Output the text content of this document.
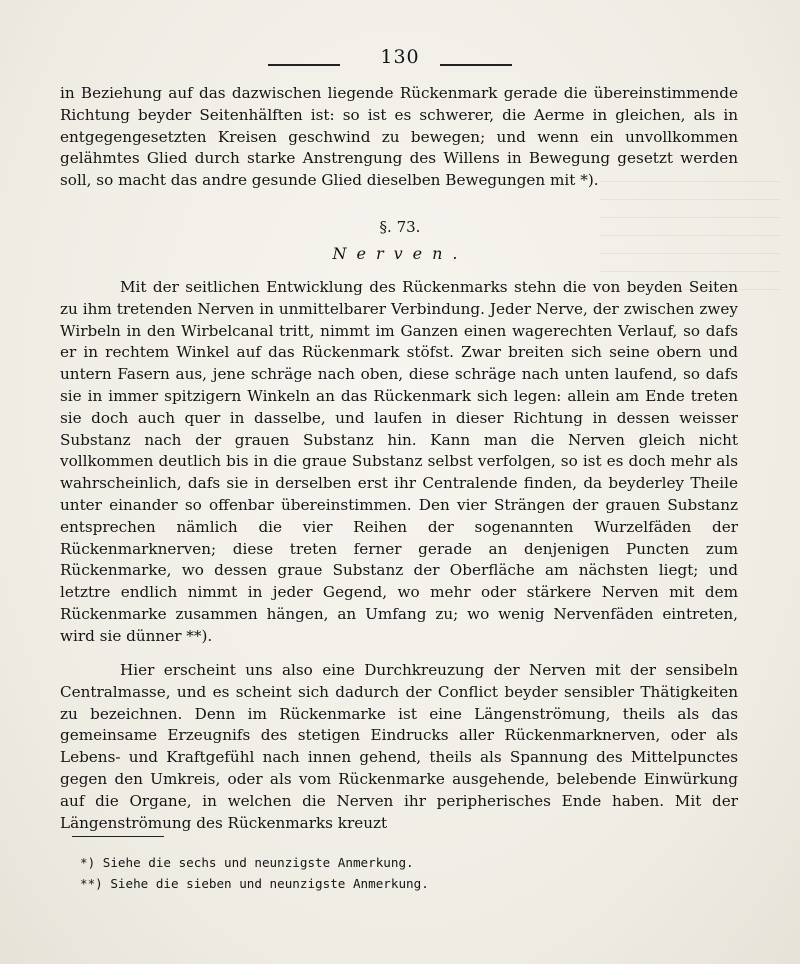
130

in Beziehung auf das dazwischen liegende Rückenmark gerade die übereinstimmende Richtung beyder Seitenhälften ist: so ist es schwerer, die Aerme in gleichen, als in entgegengesetzten Kreisen geschwind zu bewegen; und wenn ein unvollkommen gelähmtes Glied durch starke Anstrengung des Willens in Bewegung gesetzt werden soll, so macht das andre gesunde Glied dieselben Bewegungen mit *).

§. 73.
Nerven.

Mit der seitlichen Entwicklung des Rückenmarks stehn die von beyden Seiten zu ihm tretenden Nerven in unmittelbarer Verbindung. Jeder Nerve, der zwischen zwey Wirbeln in den Wirbelcanal tritt, nimmt im Ganzen einen wagerechten Verlauf, so dafs er in rechtem Winkel auf das Rückenmark stöfst. Zwar breiten sich seine obern und untern Fasern aus, jene schräge nach oben, diese schräge nach unten laufend, so dafs sie in immer spitzigern Winkeln an das Rückenmark sich legen: allein am Ende treten sie doch auch quer in dasselbe, und laufen in dieser Richtung in dessen weisser Substanz nach der grauen Substanz hin. Kann man die Nerven gleich nicht vollkommen deutlich bis in die graue Substanz selbst verfolgen, so ist es doch mehr als wahrscheinlich, dafs sie in derselben erst ihr Centralende finden, da beyderley Theile unter einander so offenbar übereinstimmen. Den vier Strängen der grauen Substanz entsprechen nämlich die vier Reihen der sogenannten Wurzelfäden der Rückenmarknerven; diese treten ferner gerade an denjenigen Puncten zum Rückenmarke, wo dessen graue Substanz der Oberfläche am nächsten liegt; und letztre endlich nimmt in jeder Gegend, wo mehr oder stärkere Nerven mit dem Rückenmarke zusammen hängen, an Umfang zu; wo wenig Nervenfäden eintreten, wird sie dünner **).

Hier erscheint uns also eine Durchkreuzung der Nerven mit der sensibeln Centralmasse, und es scheint sich dadurch der Conflict beyder sensibler Thätigkeiten zu bezeichnen. Denn im Rückenmarke ist eine Längenströmung, theils als das gemeinsame Erzeugnifs des stetigen Eindrucks aller Rückenmarknerven, oder als Lebens- und Kraftgefühl nach innen gehend, theils als Spannung des Mittelpunctes gegen den Umkreis, oder als vom Rückenmarke ausgehende, belebende Einwürkung auf die Organe, in welchen die Nerven ihr peripherisches Ende haben. Mit der Längenströmung des Rückenmarks kreuzt

*) Siehe die sechs und neunzigste Anmerkung.
**) Siehe die sieben und neunzigste Anmerkung.
